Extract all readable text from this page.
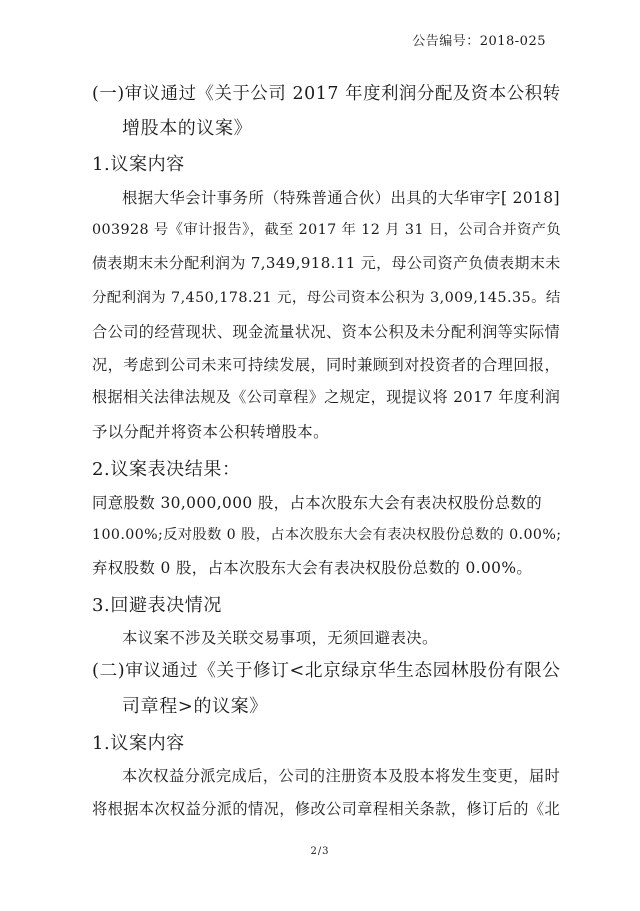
公告编号：2018-025
(一)审议通过《关于公司 2017 年度利润分配及资本公积转
增股本的议案》
1.议案内容
根据大华会计事务所（特殊普通合伙）出具的大华审字[ 2018]
003928 号《审计报告》，截至 2017 年 12 月 31 日，公司合并资产负
债表期末未分配利润为 7,349,918.11 元，母公司资产负债表期末未
分配利润为 7,450,178.21 元，母公司资本公积为 3,009,145.35。结
合公司的经营现状、现金流量状况、资本公积及未分配利润等实际情
况，考虑到公司未来可持续发展，同时兼顾到对投资者的合理回报，
根据相关法律法规及《公司章程》之规定，现提议将 2017 年度利润
予以分配并将资本公积转增股本。
2.议案表决结果：
同意股数 30,000,000 股，占本次股东大会有表决权股份总数的
100.00%;反对股数 0 股，占本次股东大会有表决权股份总数的 0.00%;
弃权股数 0 股，占本次股东大会有表决权股份总数的 0.00%。
3.回避表决情况
本议案不涉及关联交易事项，无须回避表决。
(二)审议通过《关于修订<北京绿京华生态园林股份有限公
司章程>的议案》
1.议案内容
本次权益分派完成后，公司的注册资本及股本将发生变更，届时
将根据本次权益分派的情况，修改公司章程相关条款，修订后的《北
2/3
